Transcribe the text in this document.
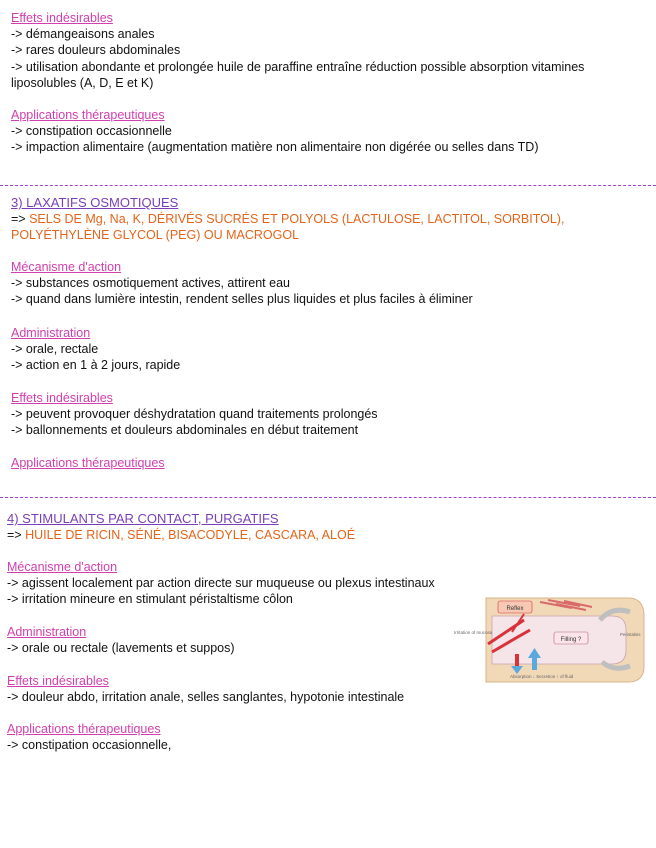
Effets indésirables
-> démangeaisons anales
-> rares douleurs abdominales
-> utilisation abondante et prolongée huile de paraffine entraîne réduction possible absorption vitamines liposolubles (A, D, E et K)
Applications thérapeutiques
-> constipation occasionnelle
-> impaction alimentaire (augmentation matière non alimentaire non digérée ou selles dans TD)
3) LAXATIFS OSMOTIQUES
=> SELS DE Mg, Na, K, DÉRIVÉS SUCRÉS ET POLYOLS (LACTULOSE, LACTITOL, SORBITOL), POLYÉTHYLÈNE GLYCOL (PEG) OU MACROGOL
Mécanisme d'action
-> substances osmotiquement actives, attirent eau
-> quand dans lumière intestin, rendent selles plus liquides et plus faciles à éliminer
Administration
-> orale, rectale
-> action en 1 à 2 jours, rapide
Effets indésirables
-> peuvent provoquer déshydratation quand traitements prolongés
-> ballonnements et douleurs abdominales en début traitement
Applications thérapeutiques
4) STIMULANTS PAR CONTACT, PURGATIFS
=> HUILE DE RICIN, SÉNÉ, BISACODYLE, CASCARA, ALOÉ
Mécanisme d'action
-> agissent localement par action directe sur muqueuse ou plexus intestinaux
-> irritation mineure en stimulant péristaltisme côlon
Administration
-> orale ou rectale (lavements et suppos)
Effets indésirables
-> douleur abdo, irritation anale, selles sanglantes, hypotonie intestinale
Applications thérapeutiques
-> constipation occasionnelle,
Reflex
Filling ?
Irritation of mucosa	Peristalsis
Absorption ↓ Secretion ↑ of fluid
